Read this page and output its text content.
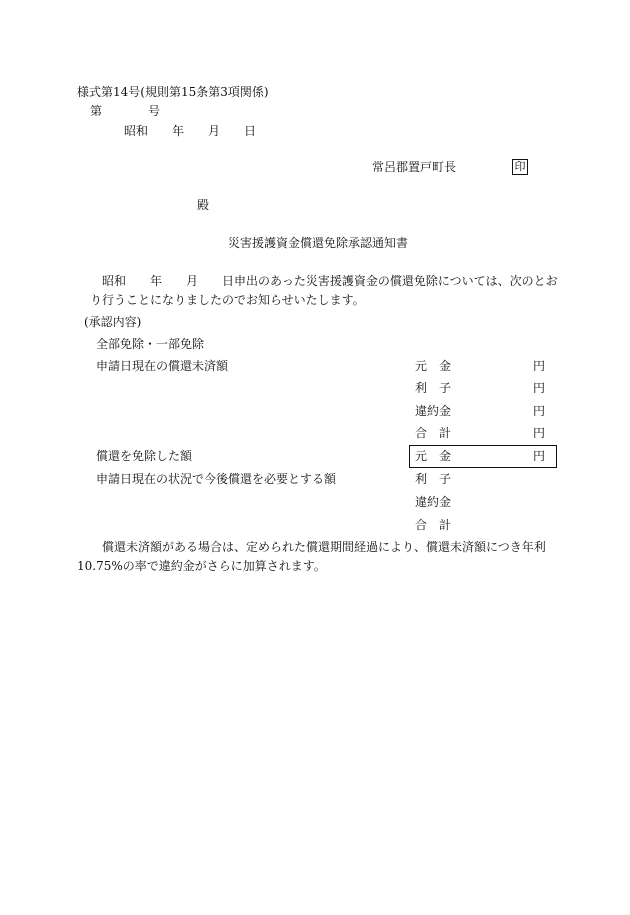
様式第14号(規則第15条第3項関係)
第	号
昭和 年 月 日
常呂郡置戸町長	印
殿
災害援護資金償還免除承認通知書
昭和 年 月 日申出のあった災害援護資金の償還免除については、次のとお
り行うことになりましたのでお知らせいたします。
(承認内容)
全部免除・一部免除
申請日現在の償還未済額	元　金	円
利　子	円
違約金	円
合　計	円
償還を免除した額	元　金	円
申請日現在の状況で今後償還を必要とする額	利　子
違約金
合　計
償還未済額がある場合は、定められた償還期間経過により、償還未済額につき年利
10.75%の率で違約金がさらに加算されます。
